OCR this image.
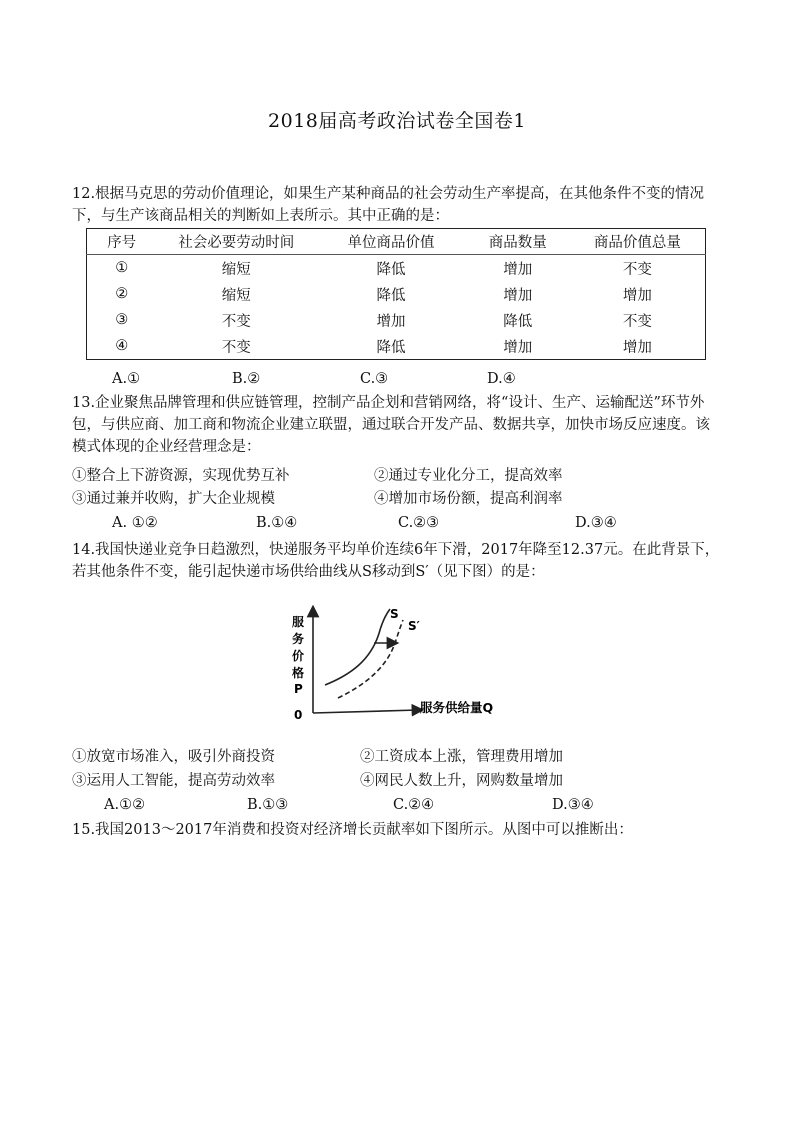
2018届高考政治试卷全国卷1
12.根据马克思的劳动价值理论，如果生产某种商品的社会劳动生产率提高，在其他条件不变的情况下，与生产该商品相关的判断如上表所示。其中正确的是：
序号	社会必要劳动时间	单位商品价值	商品数量	商品价值总量
①	缩短	降低	增加	不变
②	缩短	降低	增加	增加
③	不变	增加	降低	不变
④	不变	降低	增加	增加
A.①	B.②	C.③	D.④
13.企业聚焦品牌管理和供应链管理，控制产品企划和营销网络，将“设计、生产、运输配送”环节外包，与供应商、加工商和物流企业建立联盟，通过联合开发产品、数据共享，加快市场反应速度。该模式体现的企业经营理念是：
①整合上下游资源，实现优势互补	②通过专业化分工，提高效率
③通过兼并收购，扩大企业规模	④增加市场份额，提高利润率
A. ①②	B.①④	C.②③	D.③④
14.我国快递业竞争日趋激烈，快递服务平均单价连续6年下滑，2017年降至12.37元。在此背景下，若其他条件不变，能引起快递市场供给曲线从S移动到S′（见下图）的是：
服
务
价
格
P
0	服务供给量Q
S
S′
①放宽市场准入，吸引外商投资	②工资成本上涨，管理费用增加
③运用人工智能，提高劳动效率	④网民人数上升，网购数量增加
A.①②	B.①③	C.②④	D.③④
15.我国2013～2017年消费和投资对经济增长贡献率如下图所示。从图中可以推断出：
